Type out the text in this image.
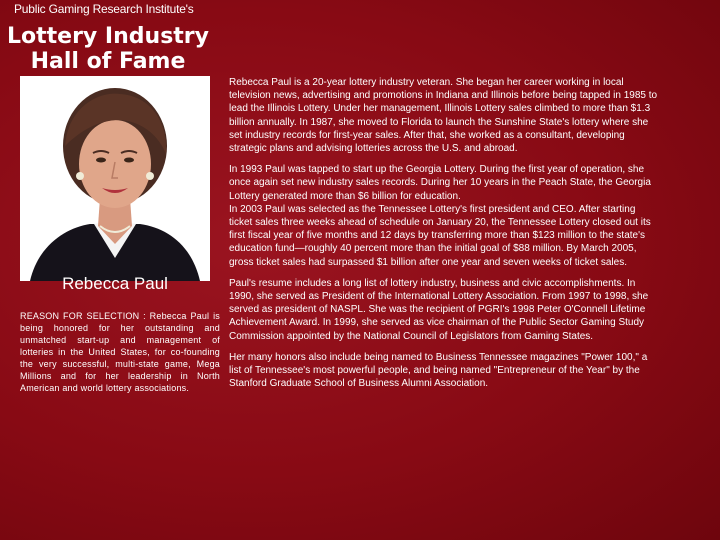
Public Gaming Research Institute's
Lottery Industry
Hall of Fame
Rebecca Paul
REASON FOR SELECTION : Rebecca Paul is being honored for her outstanding and unmatched start-up and management of lotteries in the United States, for co-founding the very successful, multi-state game, Mega Millions and for her leadership in North American and world lottery associations.

Rebecca Paul is a 20-year lottery industry veteran. She began her career working in local television news, advertising and promotions in Indiana and Illinois before being tapped in 1985 to lead the Illinois Lottery. Under her management, Illinois Lottery sales climbed to more than $1.3 billion annually. In 1987, she moved to Florida to launch the Sunshine State's lottery where she set industry records for first-year sales. After that, she worked as a consultant, developing strategic plans and advising lotteries across the U.S. and abroad.

In 1993 Paul was tapped to start up the Georgia Lottery. During the first year of operation, she once again set new industry sales records. During her 10 years in the Peach State, the Georgia Lottery generated more than $6 billion for education.

In 2003 Paul was selected as the Tennessee Lottery's first president and CEO. After starting ticket sales three weeks ahead of schedule on January 20, the Tennessee Lottery closed out its first fiscal year of five months and 12 days by transferring more than $123 million to the state's education fund—roughly 40 percent more than the initial goal of $88 million. By March 2005, gross ticket sales had surpassed $1 billion after one year and seven weeks of ticket sales.

Paul's resume includes a long list of lottery industry, business and civic accomplishments. In 1990, she served as President of the International Lottery Association. From 1997 to 1998, she served as president of NASPL. She was the recipient of PGRI's 1998 Peter O'Connell Lifetime Achievement Award. In 1999, she served as vice chairman of the Public Sector Gaming Study Commission appointed by the National Council of Legislators from Gaming States.

Her many honors also include being named to Business Tennessee magazines "Power 100," a list of Tennessee's most powerful people, and being named "Entrepreneur of the Year" by the Stanford Graduate School of Business Alumni Association.
